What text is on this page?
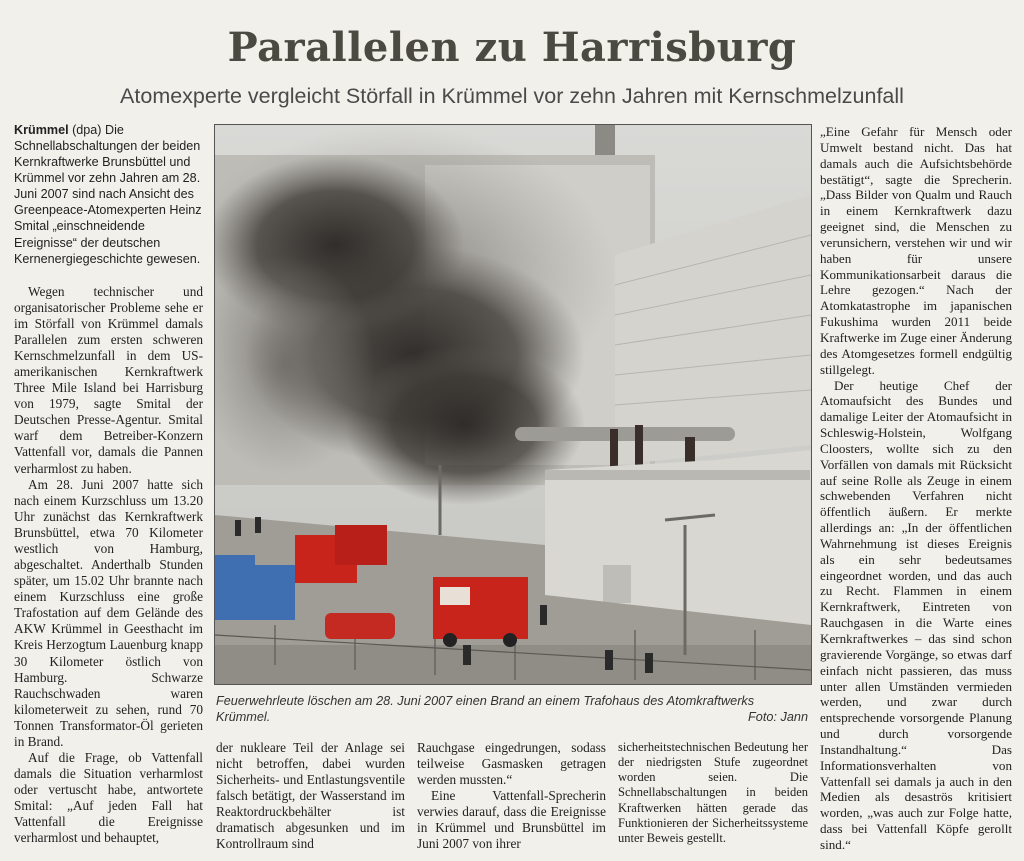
Parallelen zu Harrisburg
Atomexperte vergleicht Störfall in Krümmel vor zehn Jahren mit Kernschmelzunfall
Krümmel (dpa) Die Schnellabschaltungen der beiden Kernkraftwerke Brunsbüttel und Krümmel vor zehn Jahren am 28. Juni 2007 sind nach Ansicht des Greenpeace-Atomexperten Heinz Smital „einschneidende Ereignisse“ der deutschen Kernenergiegeschichte gewesen.

Wegen technischer und organisatorischer Probleme sehe er im Störfall von Krümmel damals Parallelen zum ersten schweren Kernschmelzunfall in dem US-amerikanischen Kernkraftwerk Three Mile Island bei Harrisburg von 1979, sagte Smital der Deutschen Presse-Agentur. Smital warf dem Betreiber-Konzern Vattenfall vor, damals die Pannen verharmlost zu haben.

Am 28. Juni 2007 hatte sich nach einem Kurzschluss um 13.20 Uhr zunächst das Kernkraftwerk Brunsbüttel, etwa 70 Kilometer westlich von Hamburg, abgeschaltet. Anderthalb Stunden später, um 15.02 Uhr brannte nach einem Kurzschluss eine große Trafostation auf dem Gelände des AKW Krümmel in Geesthacht im Kreis Herzogtum Lauenburg knapp 30 Kilometer östlich von Hamburg. Schwarze Rauchschwaden waren kilometerweit zu sehen, rund 70 Tonnen Transformator-Öl gerieten in Brand.

Auf die Frage, ob Vattenfall damals die Situation verharmlost oder vertuscht habe, antwortete Smital: „Auf jeden Fall hat Vattenfall die Ereignisse verharmlost und behauptet,

Feuerwehrleute löschen am 28. Juni 2007 einen Brand an einem Trafohaus des Atomkraftwerks Krümmel.	Foto: Jann
der nukleare Teil der Anlage sei nicht betroffen, dabei wurden Sicherheits- und Entlastungsventile falsch betätigt, der Wasserstand im Reaktordruckbehälter ist dramatisch abgesunken und im Kontrollraum sind
Rauchgase eingedrungen, sodass teilweise Gasmasken getragen werden mussten.“
Eine Vattenfall-Sprecherin verwies darauf, dass die Ereignisse in Krümmel und Brunsbüttel im Juni 2007 von ihrer
sicherheitstechnischen Bedeutung her der niedrigsten Stufe zugeordnet worden seien. Die Schnellabschaltungen in beiden Kraftwerken hätten gerade das Funktionieren der Sicherheitssysteme unter Beweis gestellt.

„Eine Gefahr für Mensch oder Umwelt bestand nicht. Das hat damals auch die Aufsichtsbehörde bestätigt“, sagte die Sprecherin. „Dass Bilder von Qualm und Rauch in einem Kernkraftwerk dazu geeignet sind, die Menschen zu verunsichern, verstehen wir und wir haben für unsere Kommunikationsarbeit daraus die Lehre gezogen.“ Nach der Atomkatastrophe im japanischen Fukushima wurden 2011 beide Kraftwerke im Zuge einer Änderung des Atomgesetzes formell endgültig stillgelegt.

Der heutige Chef der Atomaufsicht des Bundes und damalige Leiter der Atomaufsicht in Schleswig-Holstein, Wolfgang Cloosters, wollte sich zu den Vorfällen von damals mit Rücksicht auf seine Rolle als Zeuge in einem schwebenden Verfahren nicht öffentlich äußern. Er merkte allerdings an: „In der öffentlichen Wahrnehmung ist dieses Ereignis als ein sehr bedeutsames eingeordnet worden, und das auch zu Recht. Flammen in einem Kernkraftwerk, Eintreten von Rauchgasen in die Warte eines Kernkraftwerkes – das sind schon gravierende Vorgänge, so etwas darf einfach nicht passieren, das muss unter allen Umständen vermieden werden, und zwar durch entsprechende vorsorgende Planung und durch vorsorgende Instandhaltung.“ Das Informationsverhalten von Vattenfall sei damals ja auch in den Medien als desaströs kritisiert worden, „was auch zur Folge hatte, dass bei Vattenfall Köpfe gerollt sind.“
